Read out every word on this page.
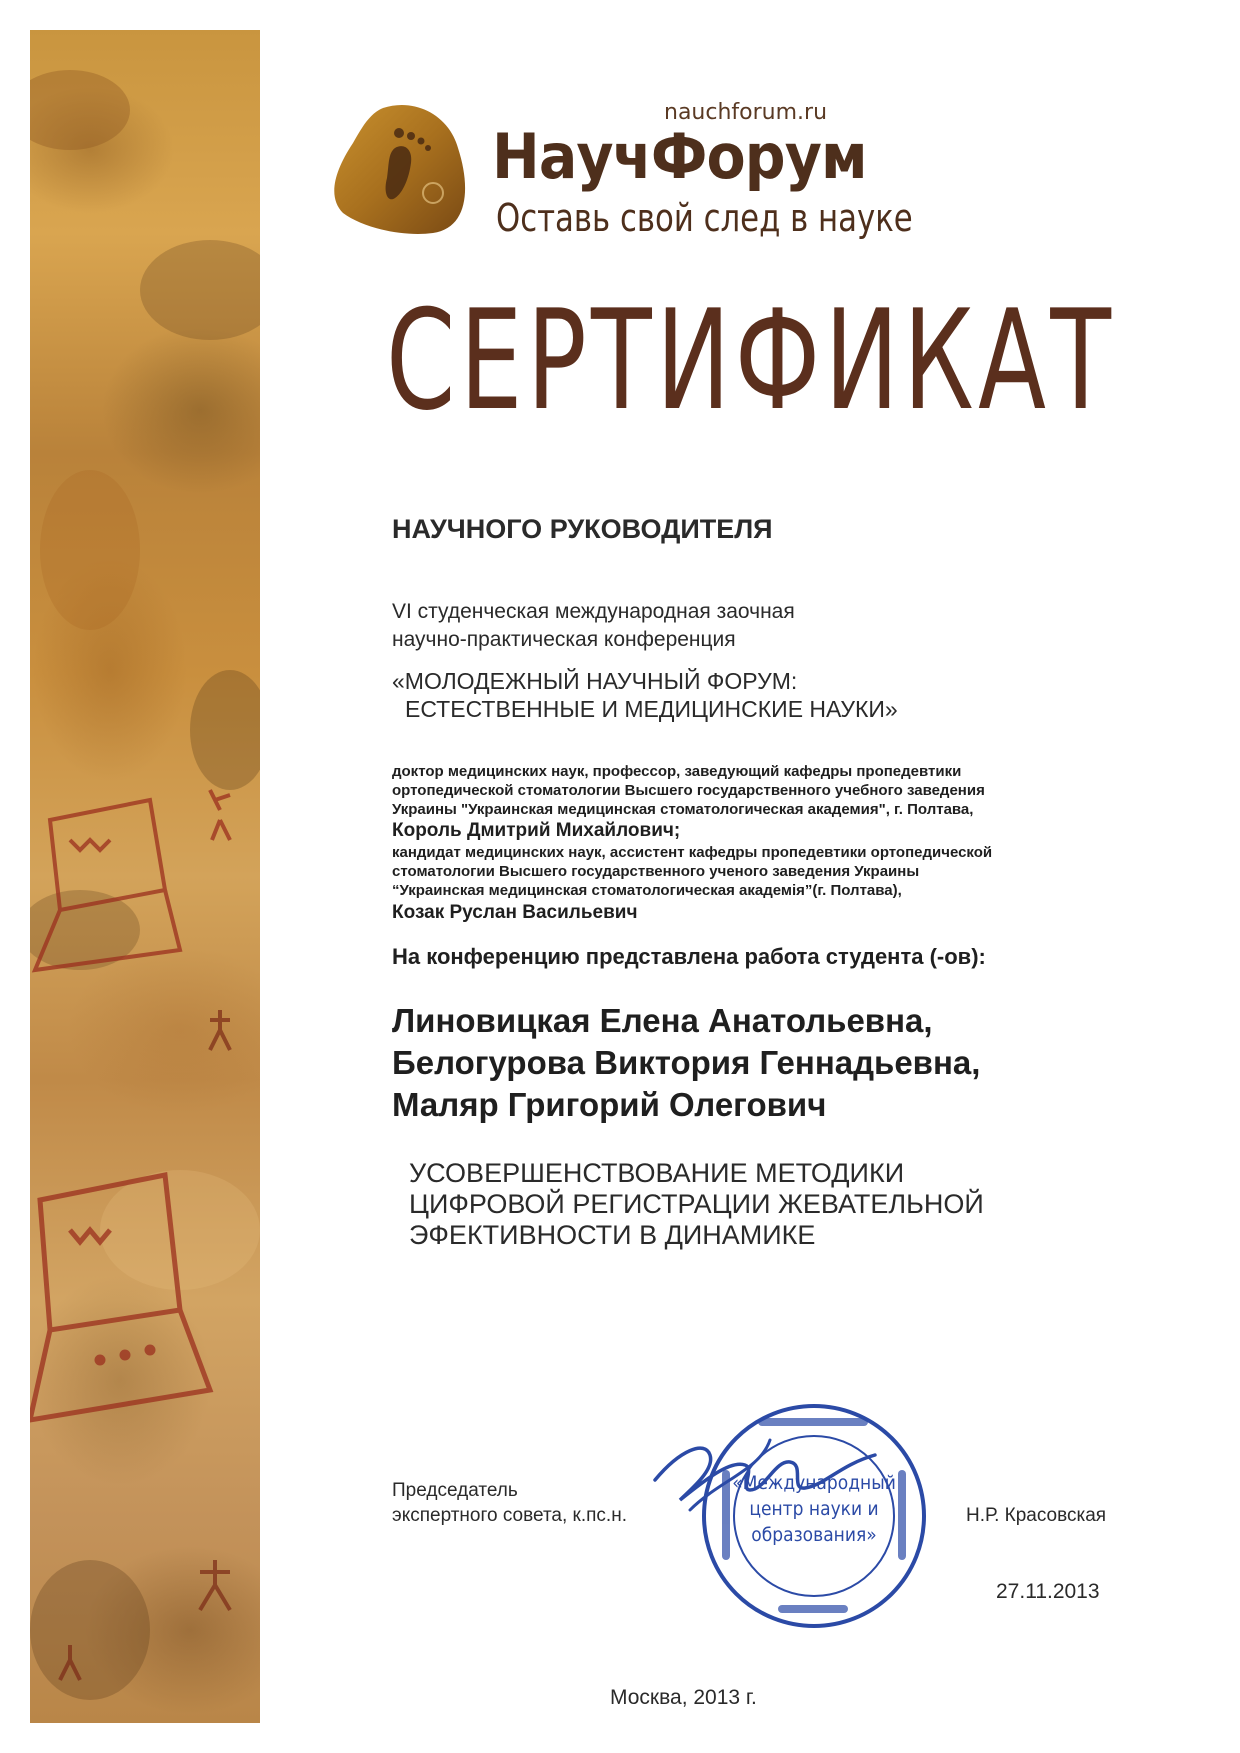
nauchforum.ru
НаучФорум
Оставь свой след в науке
СЕРТИФИКАТ
НАУЧНОГО РУКОВОДИТЕЛЯ
VI студенческая международная заочная
научно-практическая конференция
«МОЛОДЕЖНЫЙ НАУЧНЫЙ ФОРУМ:
ЕСТЕСТВЕННЫЕ И МЕДИЦИНСКИЕ НАУКИ»
доктор медицинских наук, профессор, заведующий кафедры пропедевтики
ортопедической стоматологии Высшего государственного учебного заведения
Украины "Украинская медицинская стоматологическая академия", г. Полтава,
Король Дмитрий Михайлович;
кандидат медицинских наук, ассистент кафедры пропедевтики ортопедической
стоматологии Высшего государственного ученого заведения Украины
“Украинская медицинская стоматологическая академія”(г. Полтава),
Козак Руслан Васильевич
На конференцию представлена работа студента (-ов):
Линовицкая Елена Анатольевна,
Белогурова Виктория Геннадьевна,
Маляр Григорий Олегович
УСОВЕРШЕНСТВОВАНИЕ МЕТОДИКИ
ЦИФРОВОЙ РЕГИСТРАЦИИ ЖЕВАТЕЛЬНОЙ
ЭФЕКТИВНОСТИ В ДИНАМИКЕ
Председатель
экспертного совета, к.пс.н.
«Международный
центр науки и
образования»
Н.Р. Красовская
27.11.2013
Москва, 2013 г.
